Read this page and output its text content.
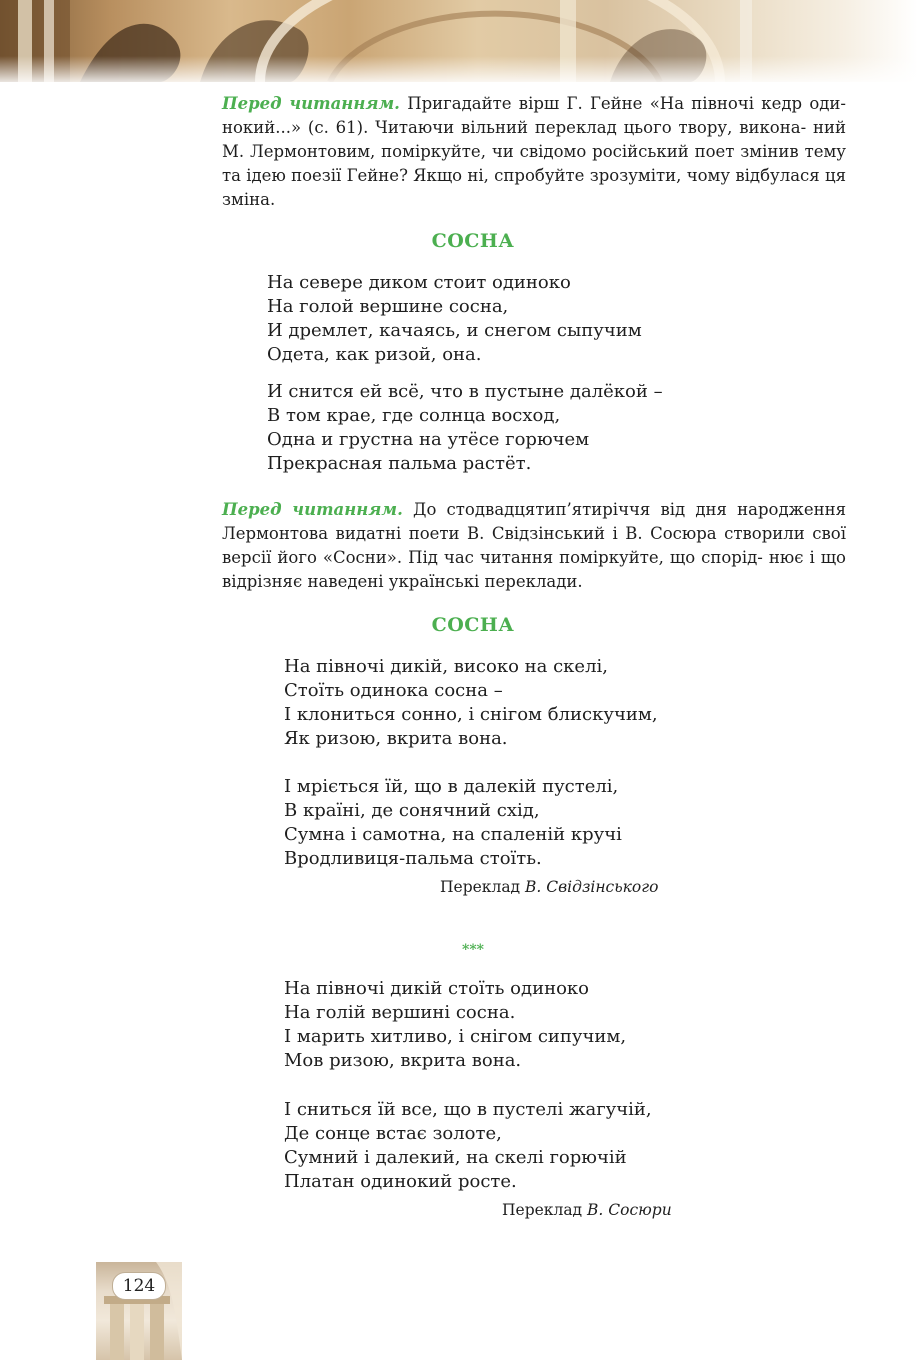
Перед читанням. Пригадайте вірш Г. Гейне «На півночі кедр оди- нокий...» (с. 61). Читаючи вільний переклад цього твору, викона- ний М. Лермонтовим, поміркуйте, чи свідомо російський поет змінив тему та ідею поезії Гейне? Якщо ні, спробуйте зрозуміти, чому відбулася ця зміна.

СОСНА
На севере диком стоит одиноко
На голой вершине сосна,
И дремлет, качаясь, и снегом сыпучим
Одета, как ризой, она.
И снится ей всё, что в пустыне далёкой –
В том крае, где солнца восход,
Одна и грустна на утёсе горючем
Прекрасная пальма растёт.

Перед читанням. До стодвадцятип’ятиріччя від дня народження Лермонтова видатні поети В. Свідзінський і В. Сосюра створили свої версії його «Сосни». Під час читання поміркуйте, що спорід- нює і що відрізняє наведені українські переклади.

СОСНА
На півночі дикій, високо на скелі,
Стоїть одинока сосна –
І клониться сонно, і снігом блискучим,
Як ризою, вкрита вона.
І мріється їй, що в далекій пустелі,
В країні, де сонячний схід,
Сумна і самотна, на спаленій кручі
Вродливиця-пальма стоїть.
Переклад В. Свідзінського
***
На півночі дикій стоїть одиноко
На голій вершині сосна.
І марить хитливо, і снігом сипучим,
Мов ризою, вкрита вона.
І сниться їй все, що в пустелі жагучій,
Де сонце встає золоте,
Сумний і далекий, на скелі горючій
Платан одинокий росте.
Переклад В. Сосюри
124
